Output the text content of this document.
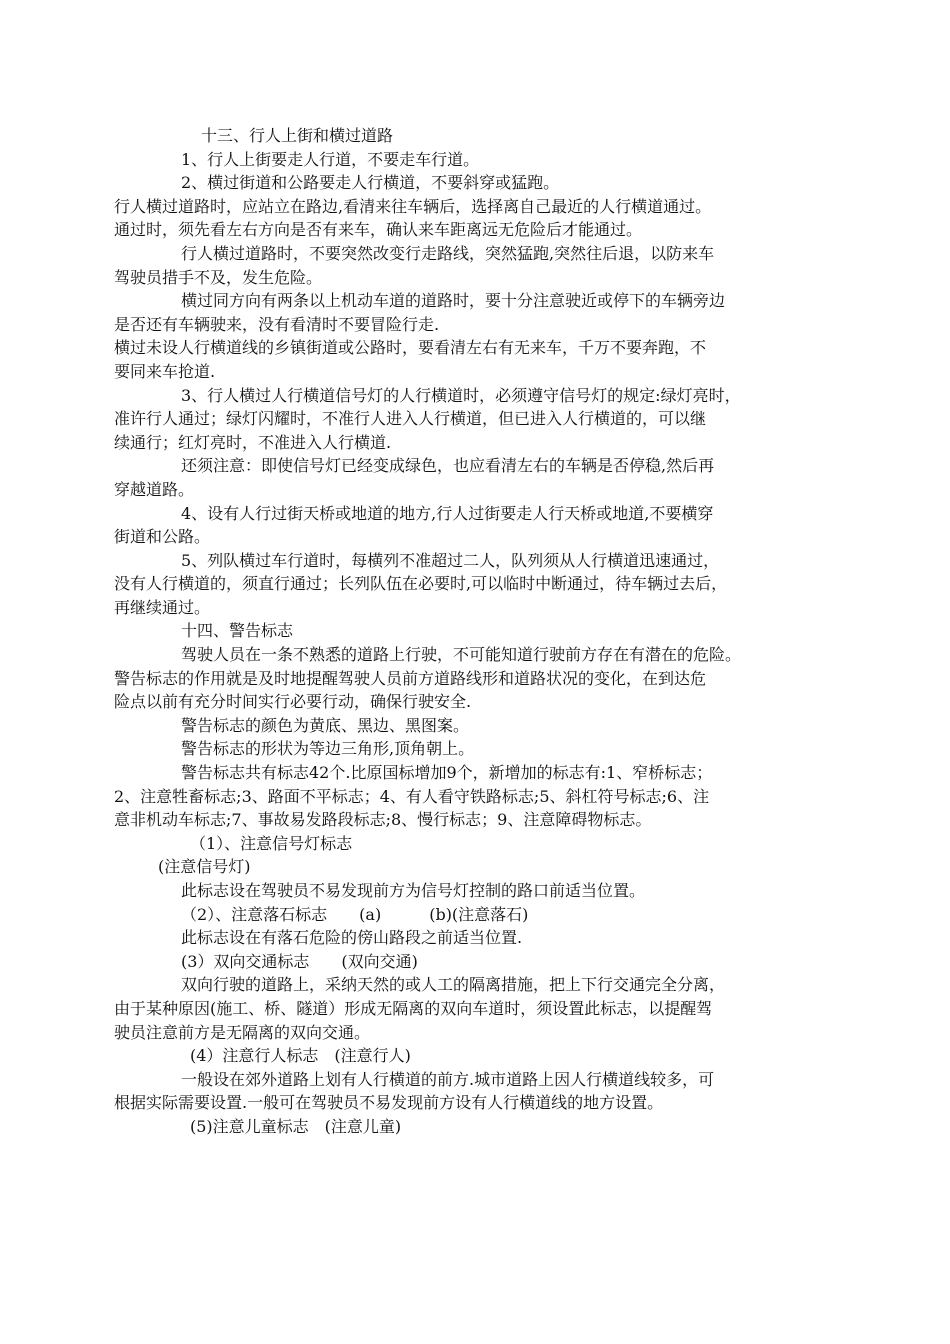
十三、行人上街和横过道路
1、行人上街要走人行道，不要走车行道。
2、横过街道和公路要走人行横道，不要斜穿或猛跑。
行人横过道路时，应站立在路边,看清来往车辆后，选择离自己最近的人行横道通过。
通过时，须先看左右方向是否有来车，确认来车距离远无危险后才能通过。
行人横过道路时，不要突然改变行走路线，突然猛跑,突然往后退，以防来车
驾驶员措手不及，发生危险。
横过同方向有两条以上机动车道的道路时，要十分注意驶近或停下的车辆旁边
是否还有车辆驶来，没有看清时不要冒险行走.
横过未设人行横道线的乡镇街道或公路时，要看清左右有无来车，千万不要奔跑，不
要同来车抢道.
3、行人横过人行横道信号灯的人行横道时，必须遵守信号灯的规定:绿灯亮时，
准许行人通过；绿灯闪耀时，不准行人进入人行横道，但已进入人行横道的，可以继
续通行；红灯亮时，不准进入人行横道.
还须注意：即使信号灯已经变成绿色，也应看清左右的车辆是否停稳,然后再
穿越道路。
4、设有人行过街天桥或地道的地方,行人过街要走人行天桥或地道,不要横穿
街道和公路。
5、列队横过车行道时，每横列不准超过二人，队列须从人行横道迅速通过，
没有人行横道的，须直行通过；长列队伍在必要时,可以临时中断通过，待车辆过去后，
再继续通过。
十四、警告标志
驾驶人员在一条不熟悉的道路上行驶，不可能知道行驶前方存在有潜在的危险。
警告标志的作用就是及时地提醒驾驶人员前方道路线形和道路状况的变化，在到达危
险点以前有充分时间实行必要行动，确保行驶安全.
警告标志的颜色为黄底、黑边、黑图案。
警告标志的形状为等边三角形,顶角朝上。
警告标志共有标志42个.比原国标增加9个，新增加的标志有:1、窄桥标志；
2、注意牲畜标志;3、路面不平标志；4、有人看守铁路标志;5、斜杠符号标志;6、注
意非机动车标志;7、事故易发路段标志;8、慢行标志；9、注意障碍物标志。
（1）、注意信号灯标志
(注意信号灯)
此标志设在驾驶员不易发现前方为信号灯控制的路口前适当位置。
（2）、注意落石标志　　(a)　　　(b)(注意落石)
此标志设在有落石危险的傍山路段之前适当位置.
(3）双向交通标志　　(双向交通)
双向行驶的道路上，采纳天然的或人工的隔离措施，把上下行交通完全分离，
由于某种原因(施工、桥、隧道）形成无隔离的双向车道时，须设置此标志，以提醒驾
驶员注意前方是无隔离的双向交通。
(4）注意行人标志　(注意行人)
一般设在郊外道路上划有人行横道的前方.城市道路上因人行横道线较多，可
根据实际需要设置.一般可在驾驶员不易发现前方设有人行横道线的地方设置。
(5)注意儿童标志　(注意儿童)
